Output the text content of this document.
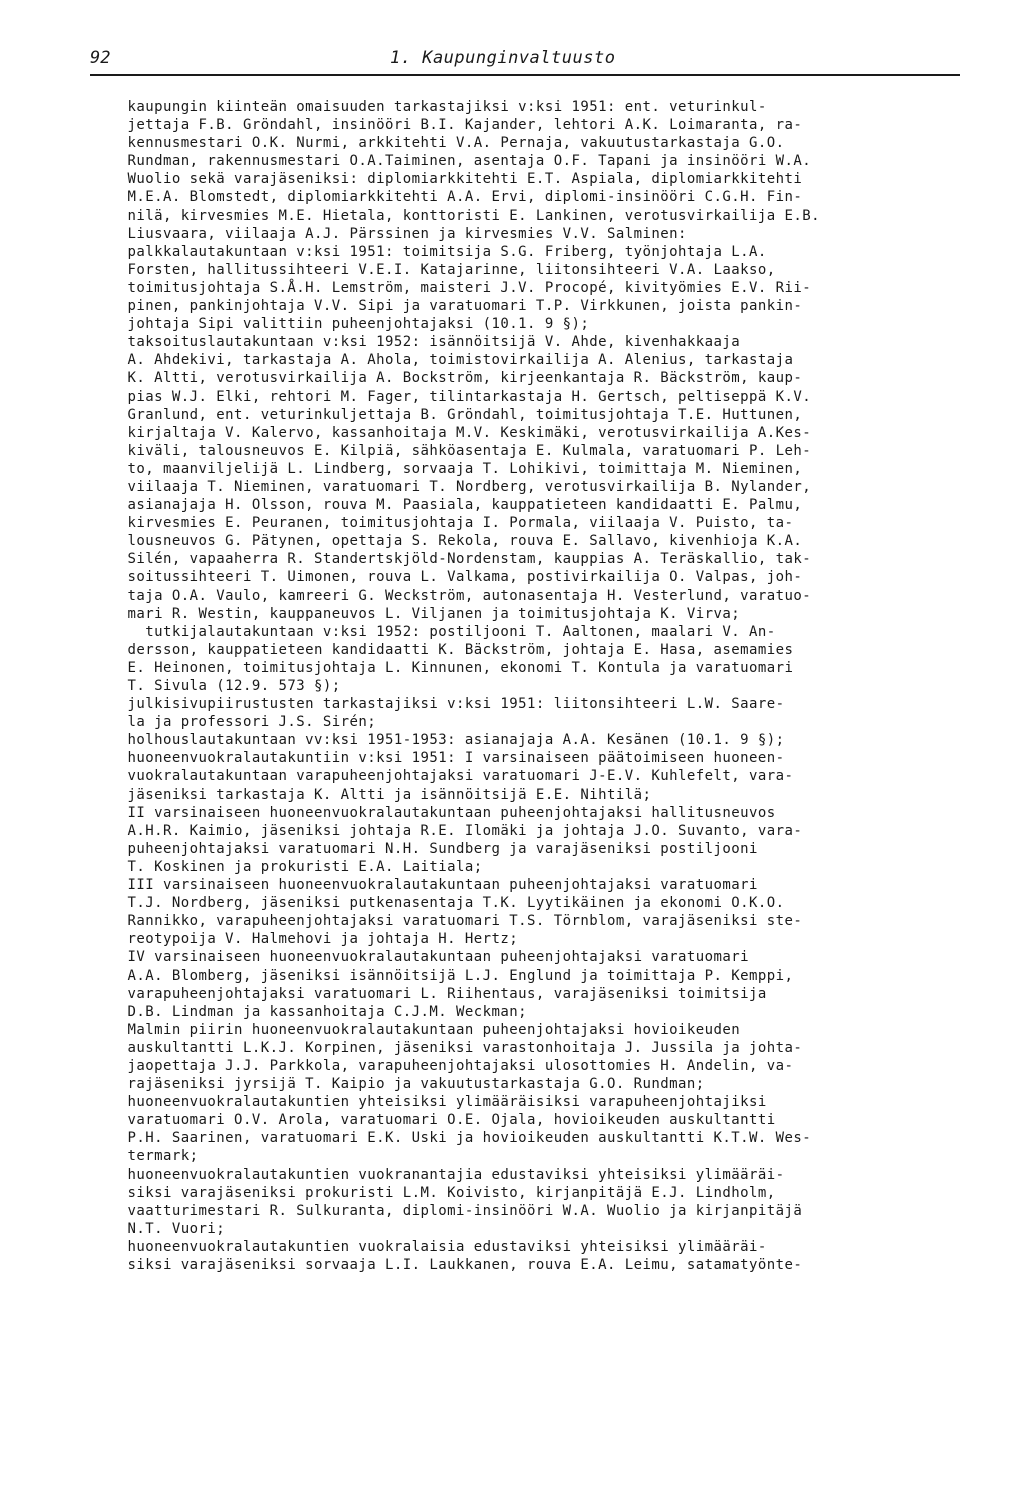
92	1. Kaupunginvaltuusto
kaupungin kiinteän omaisuuden tarkastajiksi v:ksi 1951: ent. veturinkul-
jettaja F.B. Gröndahl, insinööri B.I. Kajander, lehtori A.K. Loimaranta, ra-
kennusmestari O.K. Nurmi, arkkitehti V.A. Pernaja, vakuutustarkastaja G.O.
Rundman, rakennusmestari O.A.Taiminen, asentaja O.F. Tapani ja insinööri W.A.
Wuolio sekä varajäseniksi: diplomiarkkitehti E.T. Aspiala, diplomiarkkitehti
M.E.A. Blomstedt, diplomiarkkitehti A.A. Ervi, diplomi-insinööri C.G.H. Fin-
nilä, kirvesmies M.E. Hietala, konttoristi E. Lankinen, verotusvirkailija E.B.
Liusvaara, viilaaja A.J. Pärssinen ja kirvesmies V.V. Salminen:
palkkalautakuntaan v:ksi 1951: toimitsija S.G. Friberg, työnjohtaja L.A.
Forsten, hallitussihteeri V.E.I. Katajarinne, liitonsihteeri V.A. Laakso,
toimitusjohtaja S.Å.H. Lemström, maisteri J.V. Procopé, kivityömies E.V. Rii-
pinen, pankinjohtaja V.V. Sipi ja varatuomari T.P. Virkkunen, joista pankin-
johtaja Sipi valittiin puheenjohtajaksi (10.1. 9 §);
taksoituslautakuntaan v:ksi 1952: isännöitsijä V. Ahde, kivenhakkaaja
A. Ahdekivi, tarkastaja A. Ahola, toimistovirkailija A. Alenius, tarkastaja
K. Altti, verotusvirkailija A. Bockström, kirjeenkantaja R. Bäckström, kaup-
pias W.J. Elki, rehtori M. Fager, tilintarkastaja H. Gertsch, peltiseppä K.V.
Granlund, ent. veturinkuljettaja B. Gröndahl, toimitusjohtaja T.E. Huttunen,
kirjaltaja V. Kalervo, kassanhoitaja M.V. Keskimäki, verotusvirkailija A.Kes-
kiväli, talousneuvos E. Kilpiä, sähköasentaja E. Kulmala, varatuomari P. Leh-
to, maanviljelijä L. Lindberg, sorvaaja T. Lohikivi, toimittaja M. Nieminen,
viilaaja T. Nieminen, varatuomari T. Nordberg, verotusvirkailija B. Nylander,
asianajaja H. Olsson, rouva M. Paasiala, kauppatieteen kandidaatti E. Palmu,
kirvesmies E. Peuranen, toimitusjohtaja I. Pormala, viilaaja V. Puisto, ta-
lousneuvos G. Pätynen, opettaja S. Rekola, rouva E. Sallavo, kivenhioja K.A.
Silén, vapaaherra R. Standertskjöld-Nordenstam, kauppias A. Teräskallio, tak-
soitussihteeri T. Uimonen, rouva L. Valkama, postivirkailija O. Valpas, joh-
taja O.A. Vaulo, kamreeri G. Weckström, autonasentaja H. Vesterlund, varatuo-
mari R. Westin, kauppaneuvos L. Viljanen ja toimitusjohtaja K. Virva;
tutkijalautakuntaan v:ksi 1952: postiljooni T. Aaltonen, maalari V. An-
dersson, kauppatieteen kandidaatti K. Bäckström, johtaja E. Hasa, asemamies
E. Heinonen, toimitusjohtaja L. Kinnunen, ekonomi T. Kontula ja varatuomari
T. Sivula (12.9. 573 §);
julkisivupiirustusten tarkastajiksi v:ksi 1951: liitonsihteeri L.W. Saare-
la ja professori J.S. Sirén;
holhouslautakuntaan vv:ksi 1951-1953: asianajaja A.A. Kesänen (10.1. 9 §);
huoneenvuokralautakuntiin v:ksi 1951: I varsinaiseen päätoimiseen huoneen-
vuokralautakuntaan varapuheenjohtajaksi varatuomari J-E.V. Kuhlefelt, vara-
jäseniksi tarkastaja K. Altti ja isännöitsijä E.E. Nihtilä;
II varsinaiseen huoneenvuokralautakuntaan puheenjohtajaksi hallitusneuvos
A.H.R. Kaimio, jäseniksi johtaja R.E. Ilomäki ja johtaja J.O. Suvanto, vara-
puheenjohtajaksi varatuomari N.H. Sundberg ja varajäseniksi postiljooni
T. Koskinen ja prokuristi E.A. Laitiala;
III varsinaiseen huoneenvuokralautakuntaan puheenjohtajaksi varatuomari
T.J. Nordberg, jäseniksi putkenasentaja T.K. Lyytikäinen ja ekonomi O.K.O.
Rannikko, varapuheenjohtajaksi varatuomari T.S. Törnblom, varajäseniksi ste-
reotypoija V. Halmehovi ja johtaja H. Hertz;
IV varsinaiseen huoneenvuokralautakuntaan puheenjohtajaksi varatuomari
A.A. Blomberg, jäseniksi isännöitsijä L.J. Englund ja toimittaja P. Kemppi,
varapuheenjohtajaksi varatuomari L. Riihentaus, varajäseniksi toimitsija
D.B. Lindman ja kassanhoitaja C.J.M. Weckman;
Malmin piirin huoneenvuokralautakuntaan puheenjohtajaksi hovioikeuden
auskultantti L.K.J. Korpinen, jäseniksi varastonhoitaja J. Jussila ja johta-
jaopettaja J.J. Parkkola, varapuheenjohtajaksi ulosottomies H. Andelin, va-
rajäseniksi jyrsijä T. Kaipio ja vakuutustarkastaja G.O. Rundman;
huoneenvuokralautakuntien yhteisiksi ylimääräisiksi varapuheenjohtajiksi
varatuomari O.V. Arola, varatuomari O.E. Ojala, hovioikeuden auskultantti
P.H. Saarinen, varatuomari E.K. Uski ja hovioikeuden auskultantti K.T.W. Wes-
termark;
huoneenvuokralautakuntien vuokranantajia edustaviksi yhteisiksi ylimääräi-
siksi varajäseniksi prokuristi L.M. Koivisto, kirjanpitäjä E.J. Lindholm,
vaatturimestari R. Sulkuranta, diplomi-insinööri W.A. Wuolio ja kirjanpitäjä
N.T. Vuori;
huoneenvuokralautakuntien vuokralaisia edustaviksi yhteisiksi ylimääräi-
siksi varajäseniksi sorvaaja L.I. Laukkanen, rouva E.A. Leimu, satamatyönte-
